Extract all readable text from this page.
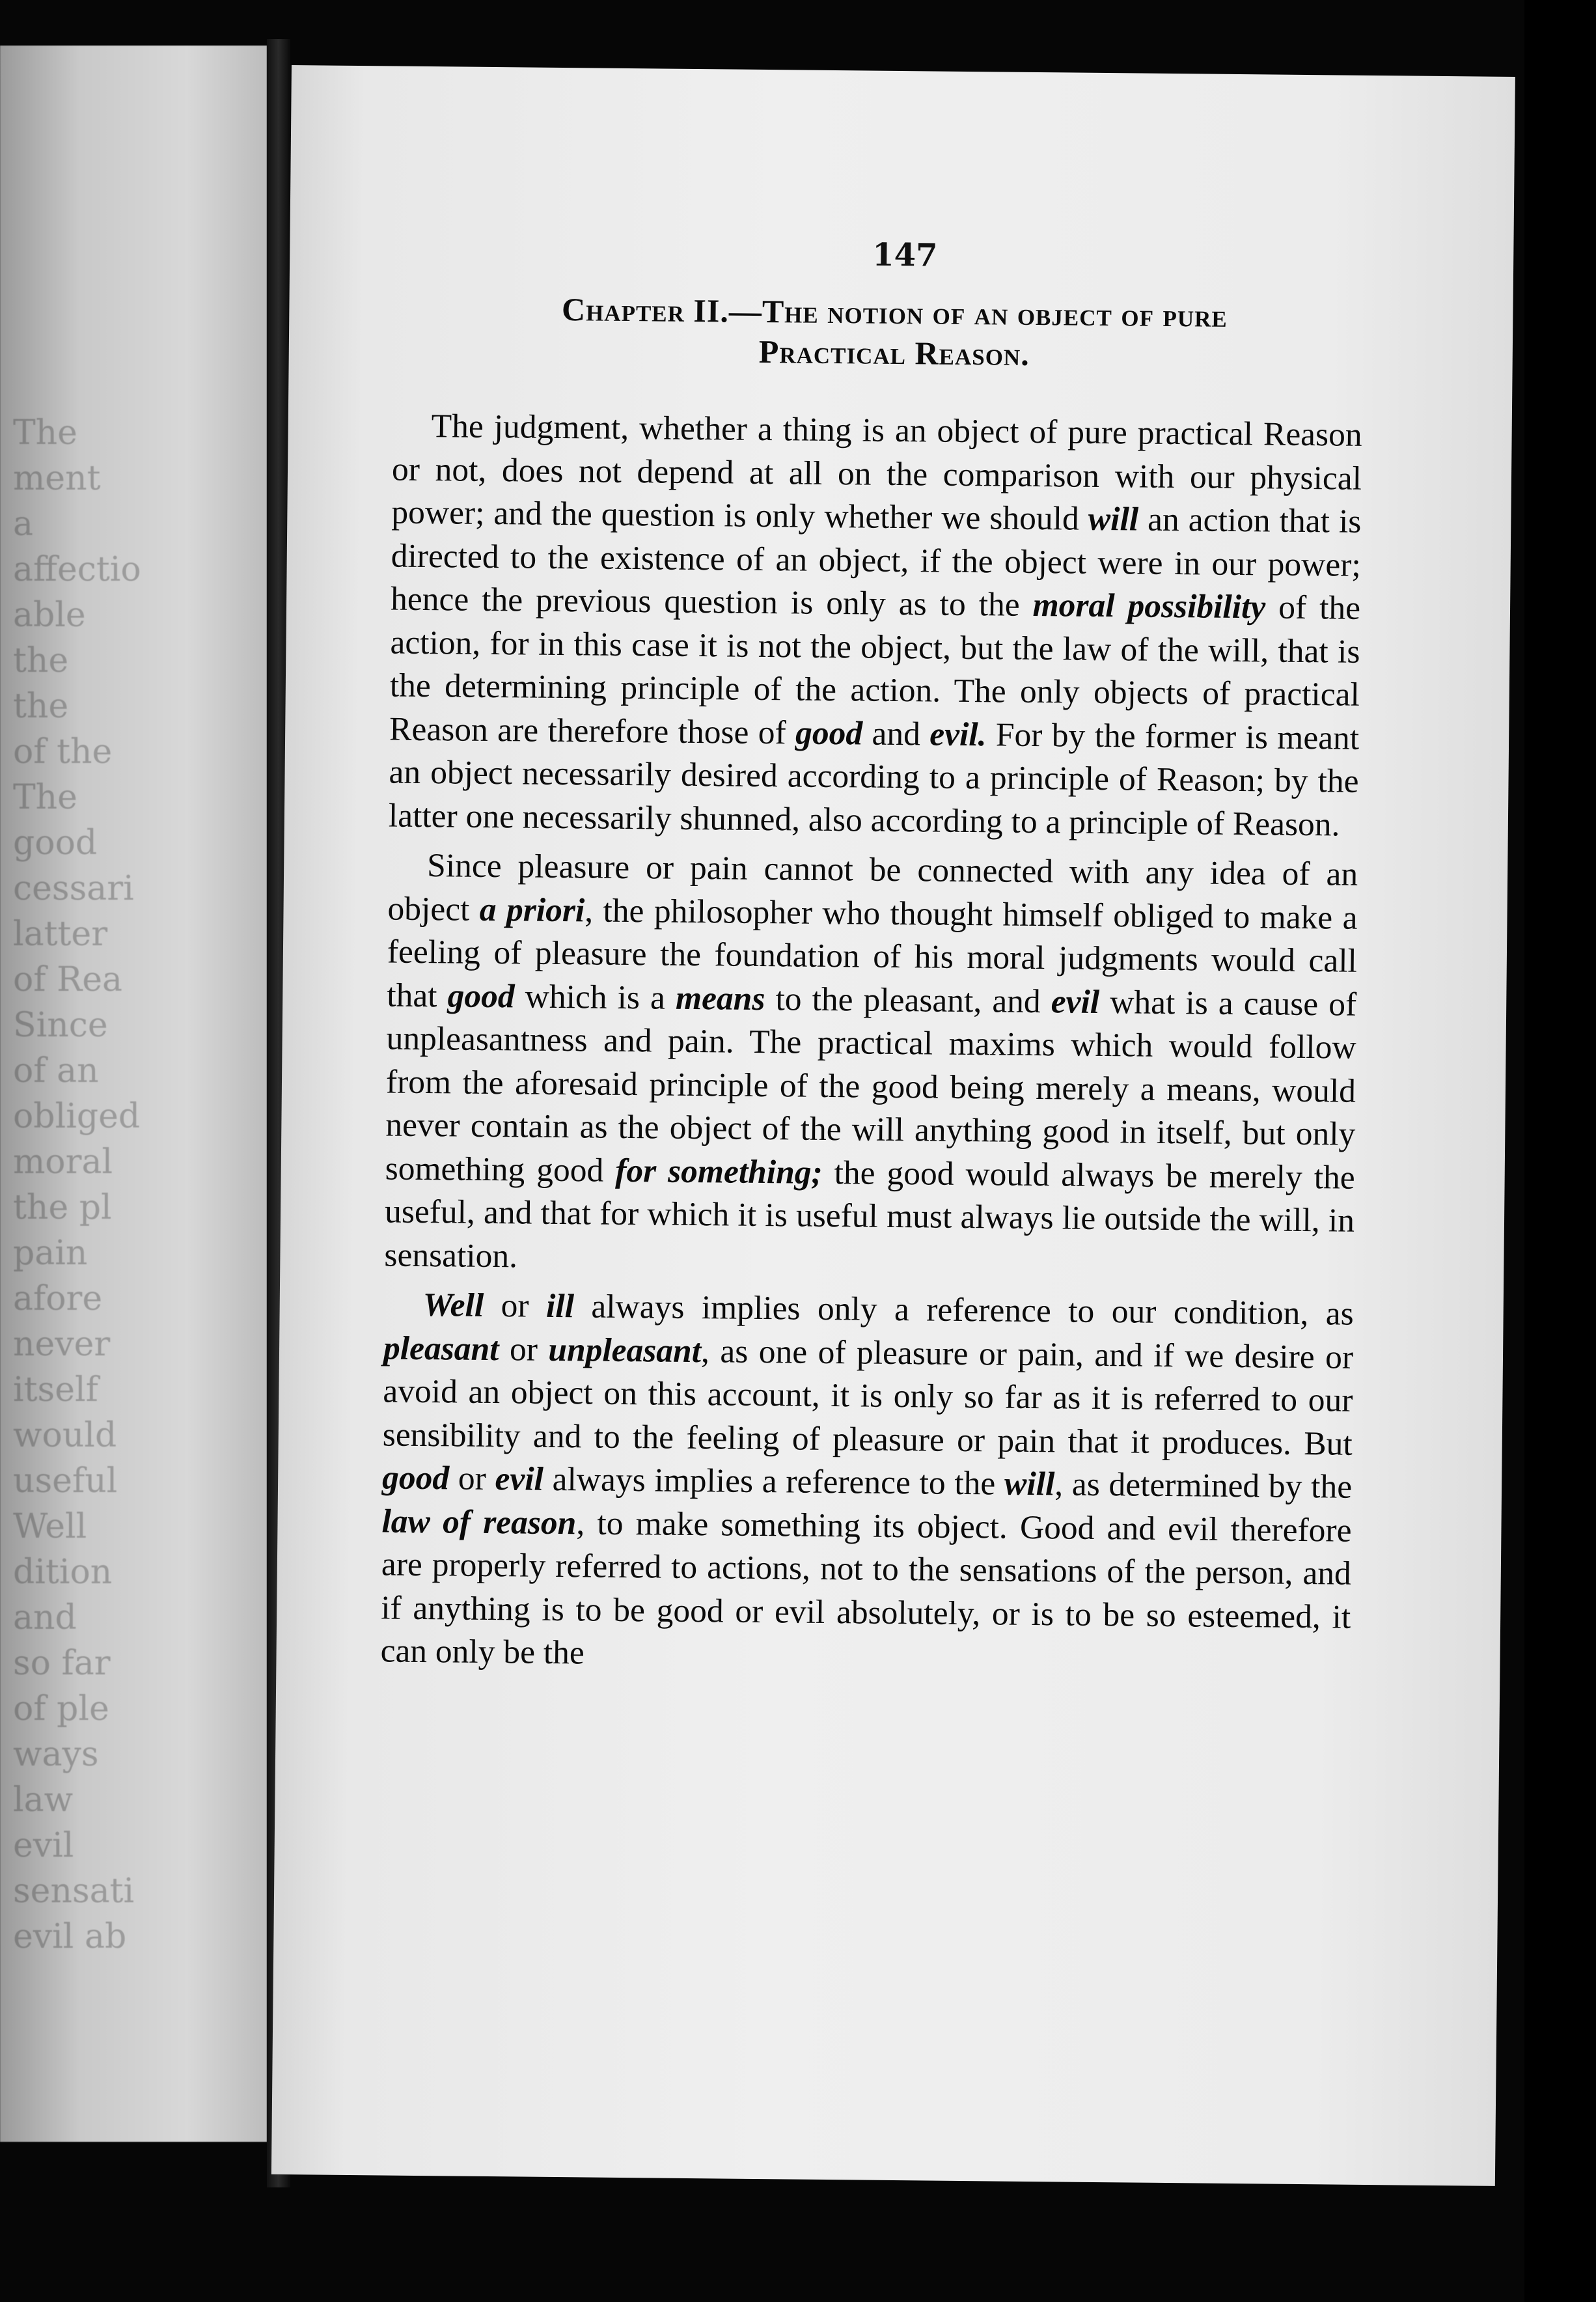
The
ment
a
affectio
able
the
the
of the
The
good
cessari
latter
of Rea
Since
of an
obliged
moral
the pl
pain
afore
never
itself
would
useful
Well
dition
and
so far
of ple
ways
law
evil
sensati
evil ab
147
Chapter II.—The notion of an object of pure
Practical Reason.

The judgment, whether a thing is an object of pure practical Reason or not, does not depend at all on the comparison with our physical power; and the question is only whether we should will an action that is directed to the existence of an object, if the object were in our power; hence the previous question is only as to the moral possibility of the action, for in this case it is not the object, but the law of the will, that is the determining principle of the action. The only objects of practical Reason are therefore those of good and evil. For by the former is meant an object necessarily desired according to a principle of Reason; by the latter one necessarily shunned, also according to a principle of Reason.

Since pleasure or pain cannot be connected with any idea of an object a priori, the philosopher who thought himself obliged to make a feeling of pleasure the foundation of his moral judgments would call that good which is a means to the pleasant, and evil what is a cause of unpleasantness and pain. The practical maxims which would follow from the aforesaid principle of the good being merely a means, would never contain as the object of the will anything good in itself, but only something good for something; the good would always be merely the useful, and that for which it is useful must always lie outside the will, in sensation.

Well or ill always implies only a reference to our condition, as pleasant or unpleasant, as one of pleasure or pain, and if we desire or avoid an object on this account, it is only so far as it is referred to our sensibility and to the feeling of pleasure or pain that it produces. But good or evil always implies a reference to the will, as determined by the law of reason, to make something its object. Good and evil therefore are properly referred to actions, not to the sensations of the person, and if anything is to be good or evil absolutely, or is to be so esteemed, it can only be the
